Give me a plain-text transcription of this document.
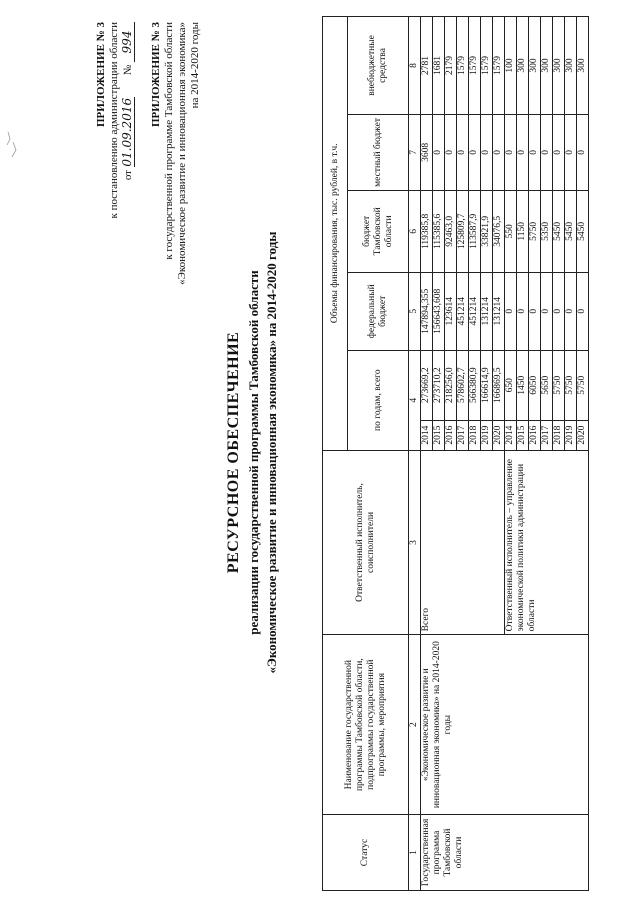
ПРИЛОЖЕНИЕ № 3 к постановлению администрации области от 01.09.2016        № 994 ПРИЛОЖЕНИЕ № 3 к государственной программе Тамбовской области «Экономическое развитие и инновационная экономика» на 2014-2020 годы
РЕСУРСНОЕ ОБЕСПЕЧЕНИЕ реализации государственной программы Тамбовской области «Экономическое развитие и инновационная экономика» на 2014-2020 годы
Статус	Наименование государственной программы Тамбовской области, подпрограммы государственной программы, мероприятия	Ответственный исполнитель, соисполнители	Объемы финансирования, тыс. рублей, в т.ч.					
			по годам, всего		федеральный бюджет	бюджет Тамбовской области	местный бюджет	внебюджетные средства
1	2	3	4		5	6	7	8
Государственная программа Тамбовской области	«Экономическое развитие и инновационная экономика» на 2014-2020 годы	Всего	2014	273669,2	147894,355	119385,8	3608	2781
			2015	273710,2	156643,608	115385,6	0	1681
			2016	218256,0	123614	92463,0	0	2179
			2017	578602,7	451214	125809,7	0	1579
			2018	566380,9	451214	113587,9	0	1579
			2019	166614,9	131214	33821,9	0	1579
			2020	166869,5	131214	34076,5	0	1579
		Ответственный исполнитель – управление экономической политики администрации области	2014	650	0	550	0	100
			2015	1450	0	1150	0	300
			2016	6050	0	5750	0	300
			2017	5650	0	5350	0	300
			2018	5750	0	5450	0	300
			2019	5750	0	5450	0	300
			2020	5750	0	5450	0	300
